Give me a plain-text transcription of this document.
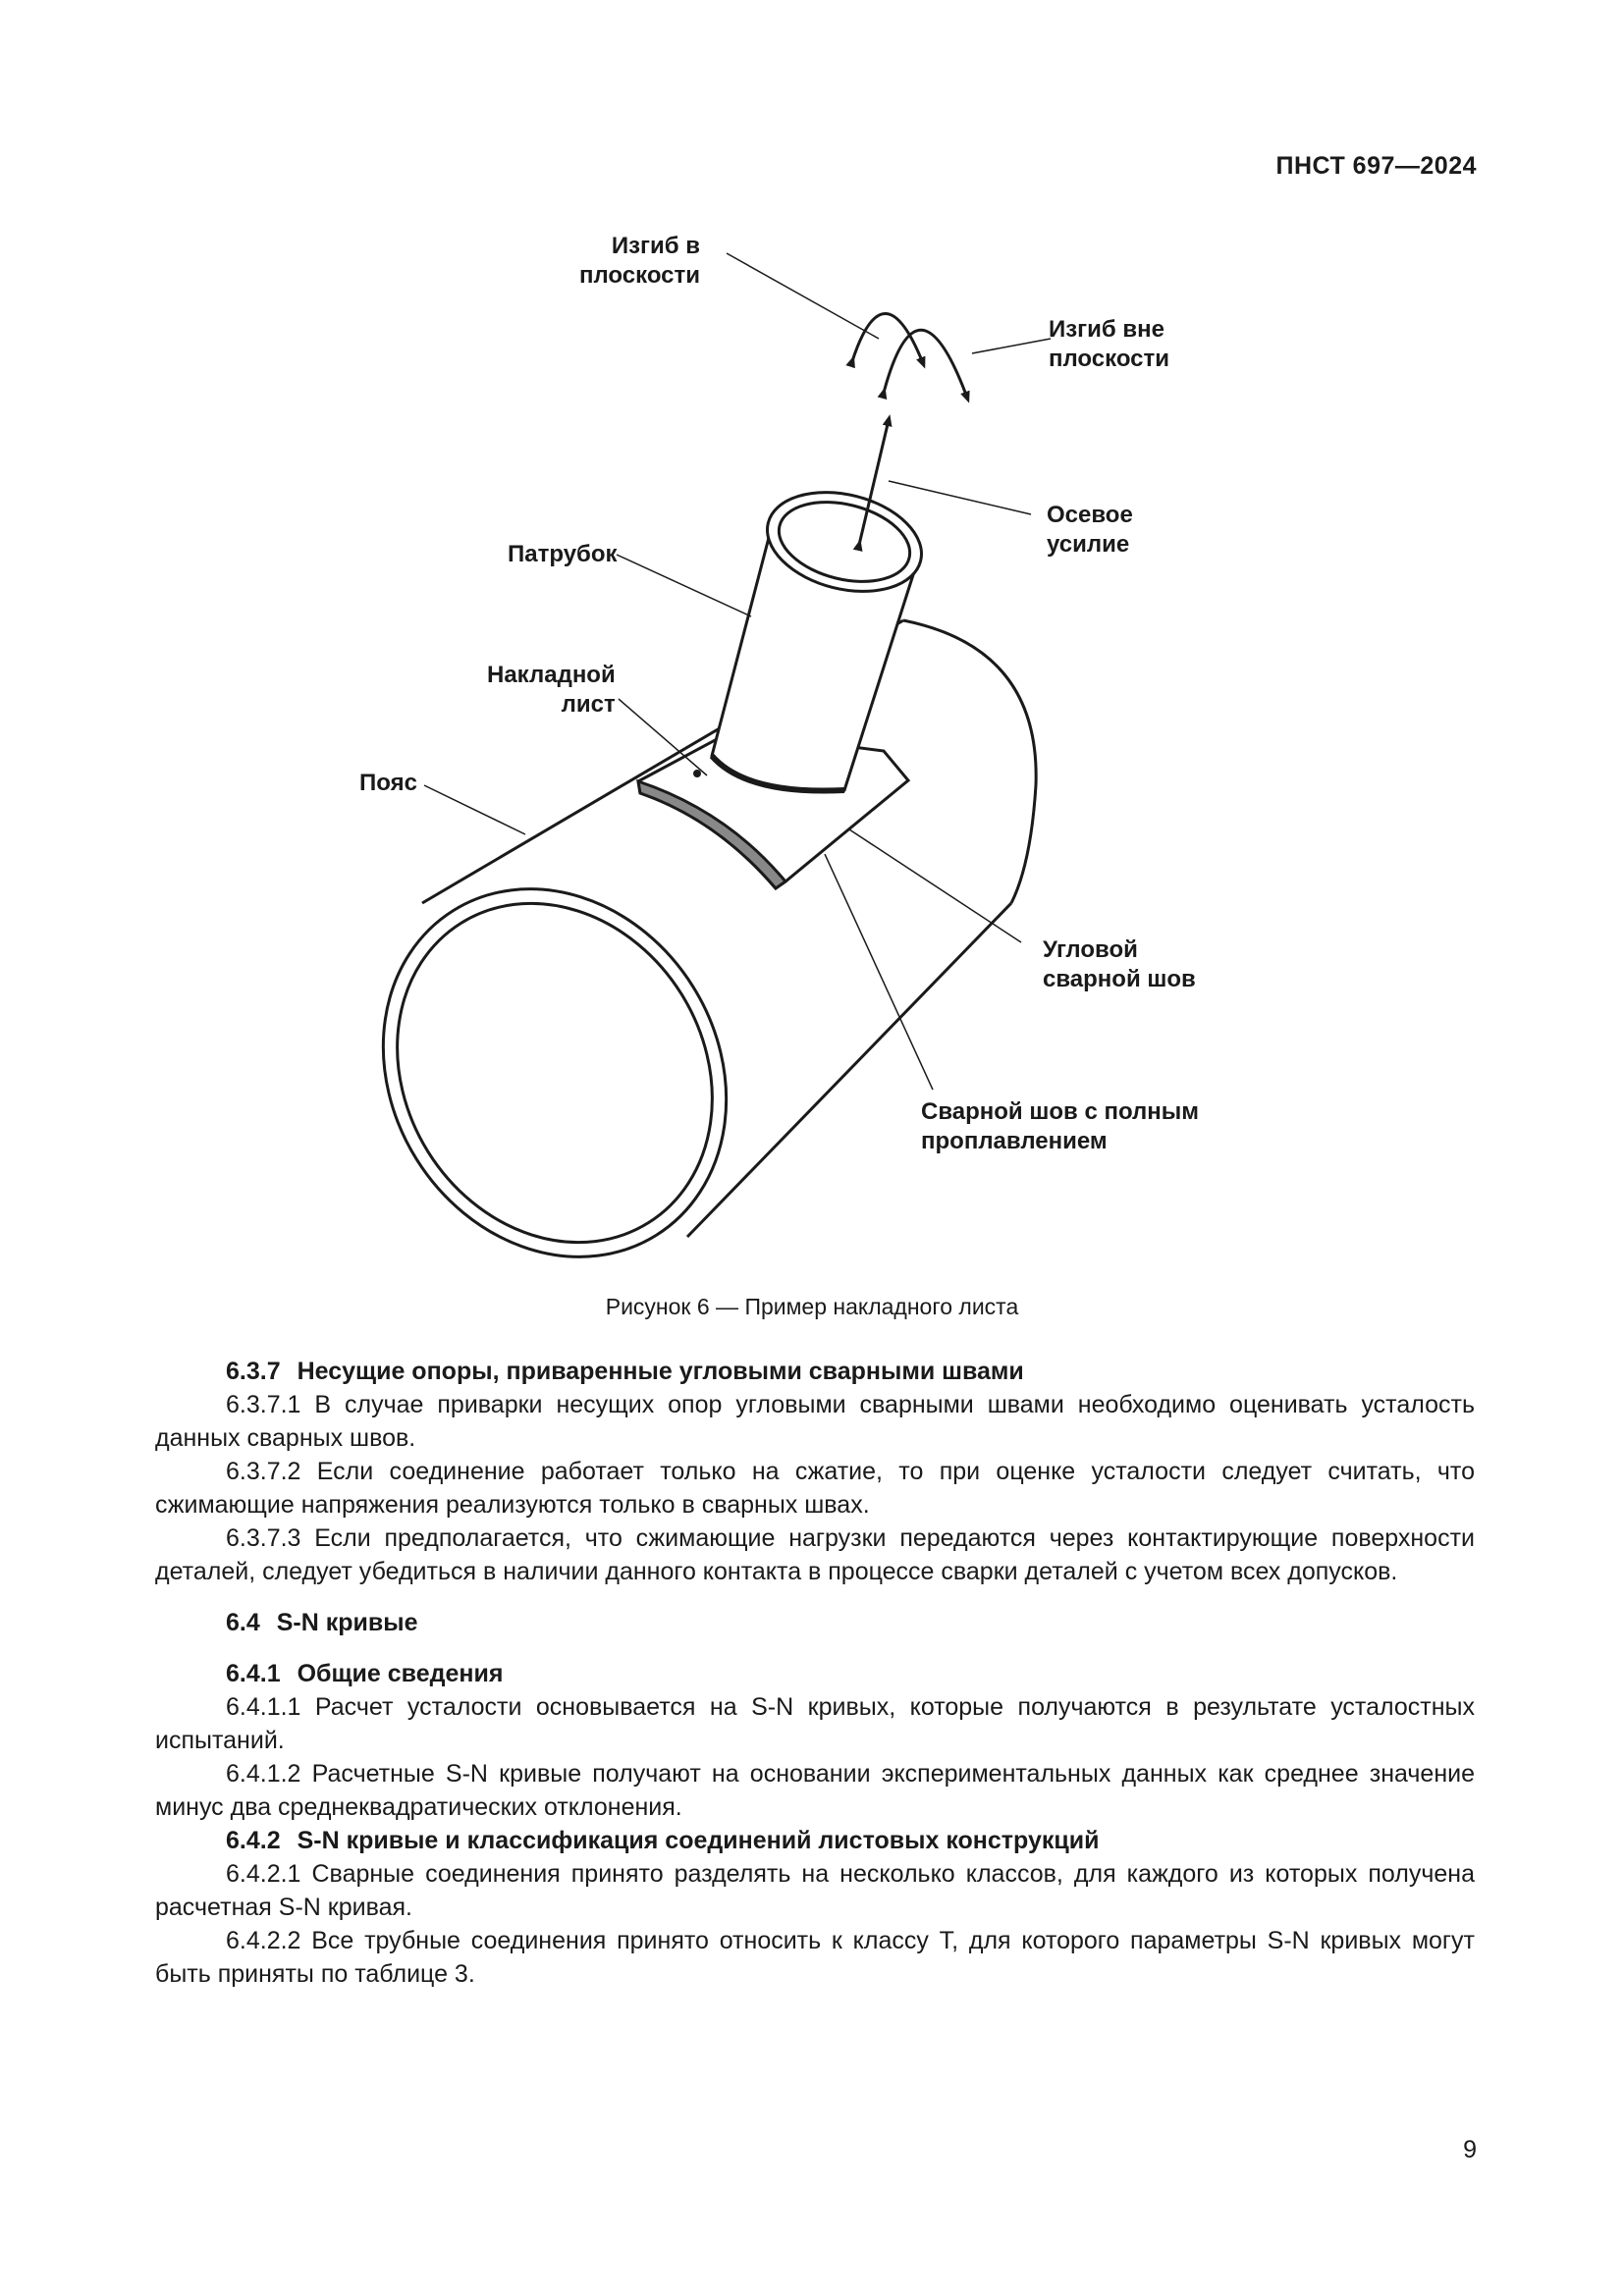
ПНСТ 697—2024
Изгиб в
плоскости
Изгиб вне
плоскости
Осевое
усилие
Патрубок
Накладной
лист
Пояс
Угловой
сварной шов
Сварной шов с полным
проплавлением
Рисунок 6 — Пример накладного листа
6.3.7 Несущие опоры, приваренные угловыми сварными швами

6.3.7.1 В случае приварки несущих опор угловыми сварными швами необходимо оценивать усталость данных сварных швов.

6.3.7.2 Если соединение работает только на сжатие, то при оценке усталости следует считать, что сжимающие напряжения реализуются только в сварных швах.

6.3.7.3 Если предполагается, что сжимающие нагрузки передаются через контактирующие поверхности деталей, следует убедиться в наличии данного контакта в процессе сварки деталей с учетом всех допусков.

6.4 S-N кривые
6.4.1 Общие сведения

6.4.1.1 Расчет усталости основывается на S-N кривых, которые получаются в результате усталостных испытаний.

6.4.1.2 Расчетные S-N кривые получают на основании экспериментальных данных как среднее значение минус два среднеквадратических отклонения.

6.4.2 S-N кривые и классификация соединений листовых конструкций

6.4.2.1 Сварные соединения принято разделять на несколько классов, для каждого из которых получена расчетная S-N кривая.

6.4.2.2 Все трубные соединения принято относить к классу T, для которого параметры S-N кривых могут быть приняты по таблице 3.

9
